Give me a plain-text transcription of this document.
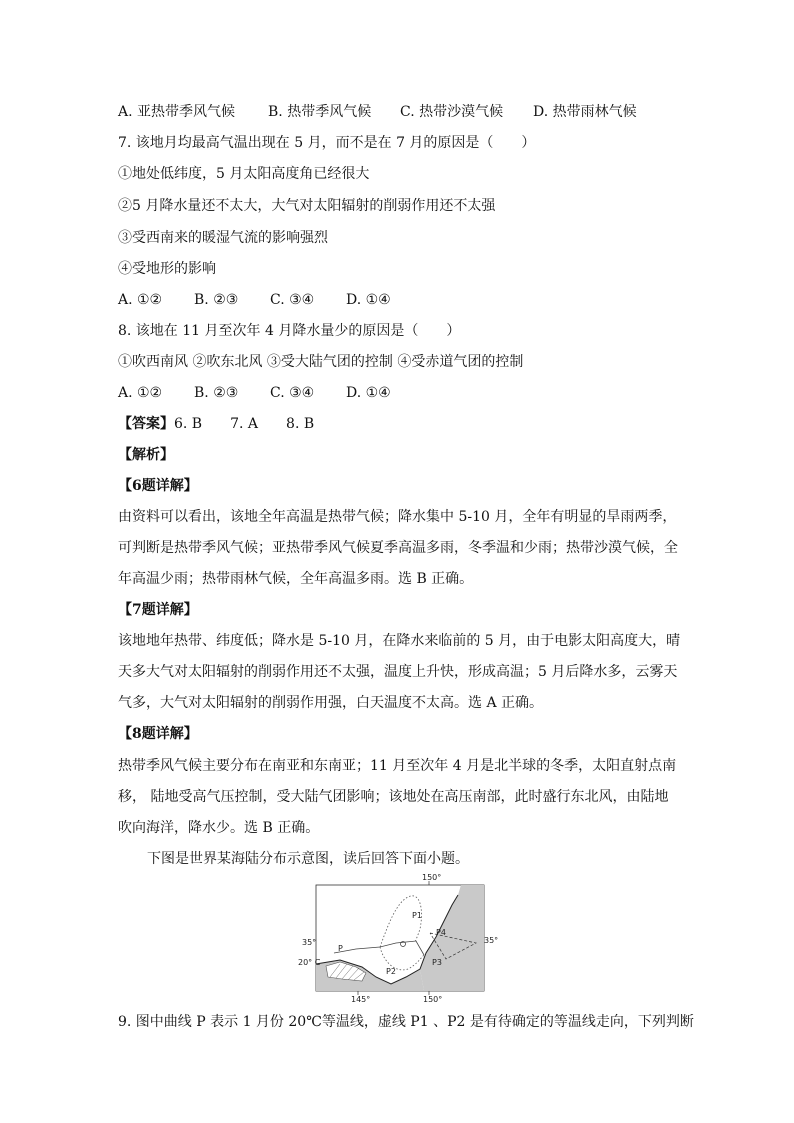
A. 亚热带季风气候 B. 热带季风气候 C. 热带沙漠气候 D. 热带雨林气候
7. 该地月均最高气温出现在 5 月，而不是在 7 月的原因是（　　）
①地处低纬度，5 月太阳高度角已经很大
②5 月降水量还不太大，大气对太阳辐射的削弱作用还不太强
③受西南来的暖湿气流的影响强烈
④受地形的影响
A. ①② B. ②③ C. ③④ D. ①④
8. 该地在 11 月至次年 4 月降水量少的原因是（　　）
①吹西南风 ②吹东北风 ③受大陆气团的控制 ④受赤道气团的控制
A. ①② B. ②③ C. ③④ D. ①④
【答案】6. B 7. A 8. B
【解析】
【6题详解】
由资料可以看出，该地全年高温是热带气候；降水集中 5-10 月，全年有明显的旱雨两季，
可判断是热带季风气候；亚热带季风气候夏季高温多雨，冬季温和少雨；热带沙漠气候，全
年高温少雨；热带雨林气候，全年高温多雨。选 B 正确。
【7题详解】
该地地年热带、纬度低；降水是 5-10 月，在降水来临前的 5 月，由于电影太阳高度大，晴
天多大气对太阳辐射的削弱作用还不太强，温度上升快，形成高温；5 月后降水多，云雾天
气多，大气对太阳辐射的削弱作用强，白天温度不太高。选 A 正确。
【8题详解】
热带季风气候主要分布在南亚和东南亚；11 月至次年 4 月是北半球的冬季，太阳直射点南
移， 陆地受高气压控制，受大陆气团影响；该地处在高压南部，此时盛行东北风，由陆地
吹向海洋，降水少。选 B 正确。
下图是世界某海陆分布示意图，读后回答下面小题。
150°
145°	150°
35°
20° C
35°
P
P1
P2
P3
P4
9. 图中曲线 P 表示 1 月份 20℃等温线，虚线 P1 、P2 是有待确定的等温线走向，下列判断
